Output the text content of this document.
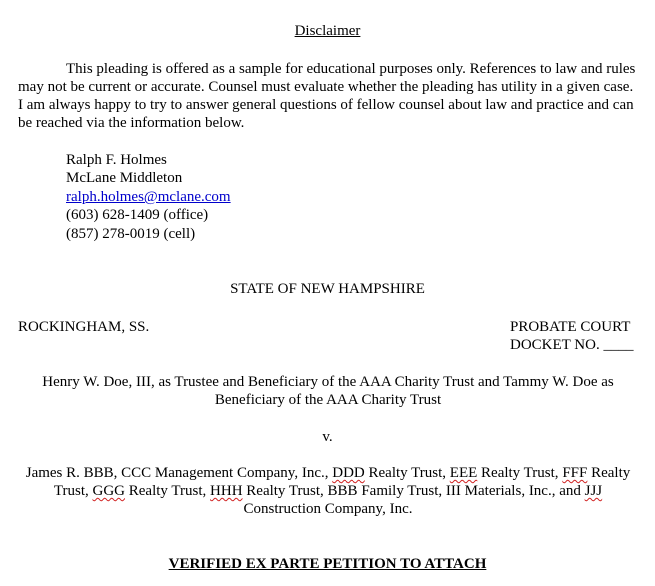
Disclaimer
This pleading is offered as a sample for educational purposes only. References to law and rules may not be current or accurate. Counsel must evaluate whether the pleading has utility in a given case. I am always happy to try to answer general questions of fellow counsel about law and practice and can be reached via the information below.
Ralph F. Holmes
McLane Middleton
ralph.holmes@mclane.com
(603) 628-1409 (office)
(857) 278-0019 (cell)
STATE OF NEW HAMPSHIRE
ROCKINGHAM, SS.	PROBATE COURT
DOCKET NO. ____
Henry W. Doe, III, as Trustee and Beneficiary of the AAA Charity Trust and Tammy W. Doe as Beneficiary of the AAA Charity Trust
v.
James R. BBB, CCC Management Company, Inc., DDD Realty Trust, EEE Realty Trust, FFF Realty Trust, GGG Realty Trust, HHH Realty Trust, BBB Family Trust, III Materials, Inc., and JJJ Construction Company, Inc.
VERIFIED EX PARTE PETITION TO ATTACH
